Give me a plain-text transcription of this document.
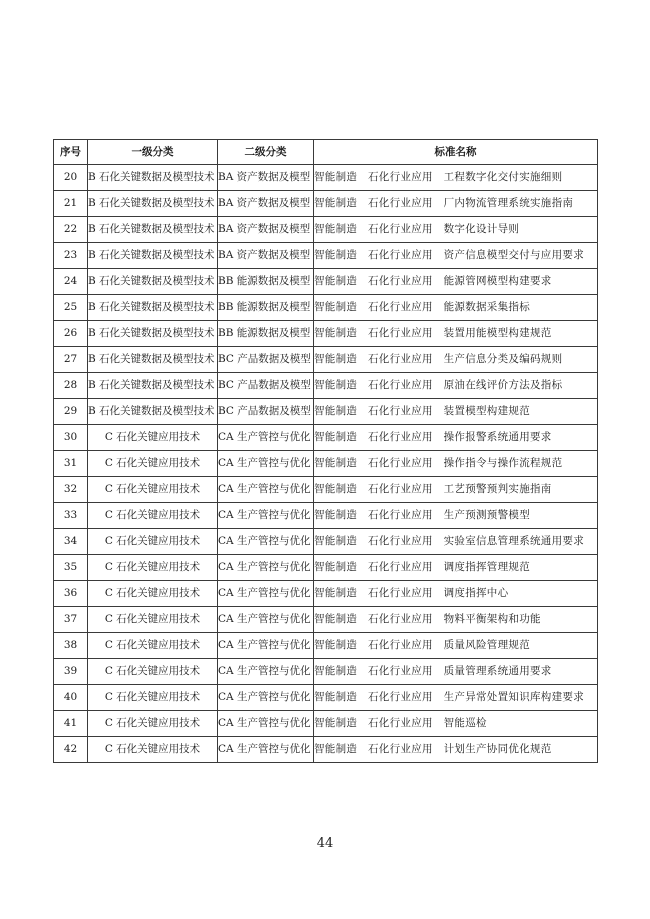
序号	一级分类	二级分类	标准名称
20	B 石化关键数据及模型技术	BA 资产数据及模型	智能制造　石化行业应用　工程数字化交付实施细则
21	B 石化关键数据及模型技术	BA 资产数据及模型	智能制造　石化行业应用　厂内物流管理系统实施指南
22	B 石化关键数据及模型技术	BA 资产数据及模型	智能制造　石化行业应用　数字化设计导则
23	B 石化关键数据及模型技术	BA 资产数据及模型	智能制造　石化行业应用　资产信息模型交付与应用要求
24	B 石化关键数据及模型技术	BB 能源数据及模型	智能制造　石化行业应用　能源管网模型构建要求
25	B 石化关键数据及模型技术	BB 能源数据及模型	智能制造　石化行业应用　能源数据采集指标
26	B 石化关键数据及模型技术	BB 能源数据及模型	智能制造　石化行业应用　装置用能模型构建规范
27	B 石化关键数据及模型技术	BC 产品数据及模型	智能制造　石化行业应用　生产信息分类及编码规则
28	B 石化关键数据及模型技术	BC 产品数据及模型	智能制造　石化行业应用　原油在线评价方法及指标
29	B 石化关键数据及模型技术	BC 产品数据及模型	智能制造　石化行业应用　装置模型构建规范
30	C 石化关键应用技术	CA 生产管控与优化	智能制造　石化行业应用　操作报警系统通用要求
31	C 石化关键应用技术	CA 生产管控与优化	智能制造　石化行业应用　操作指令与操作流程规范
32	C 石化关键应用技术	CA 生产管控与优化	智能制造　石化行业应用　工艺预警预判实施指南
33	C 石化关键应用技术	CA 生产管控与优化	智能制造　石化行业应用　生产预测预警模型
34	C 石化关键应用技术	CA 生产管控与优化	智能制造　石化行业应用　实验室信息管理系统通用要求
35	C 石化关键应用技术	CA 生产管控与优化	智能制造　石化行业应用　调度指挥管理规范
36	C 石化关键应用技术	CA 生产管控与优化	智能制造　石化行业应用　调度指挥中心
37	C 石化关键应用技术	CA 生产管控与优化	智能制造　石化行业应用　物料平衡架构和功能
38	C 石化关键应用技术	CA 生产管控与优化	智能制造　石化行业应用　质量风险管理规范
39	C 石化关键应用技术	CA 生产管控与优化	智能制造　石化行业应用　质量管理系统通用要求
40	C 石化关键应用技术	CA 生产管控与优化	智能制造　石化行业应用　生产异常处置知识库构建要求
41	C 石化关键应用技术	CA 生产管控与优化	智能制造　石化行业应用　智能巡检
42	C 石化关键应用技术	CA 生产管控与优化	智能制造　石化行业应用　计划生产协同优化规范
44
